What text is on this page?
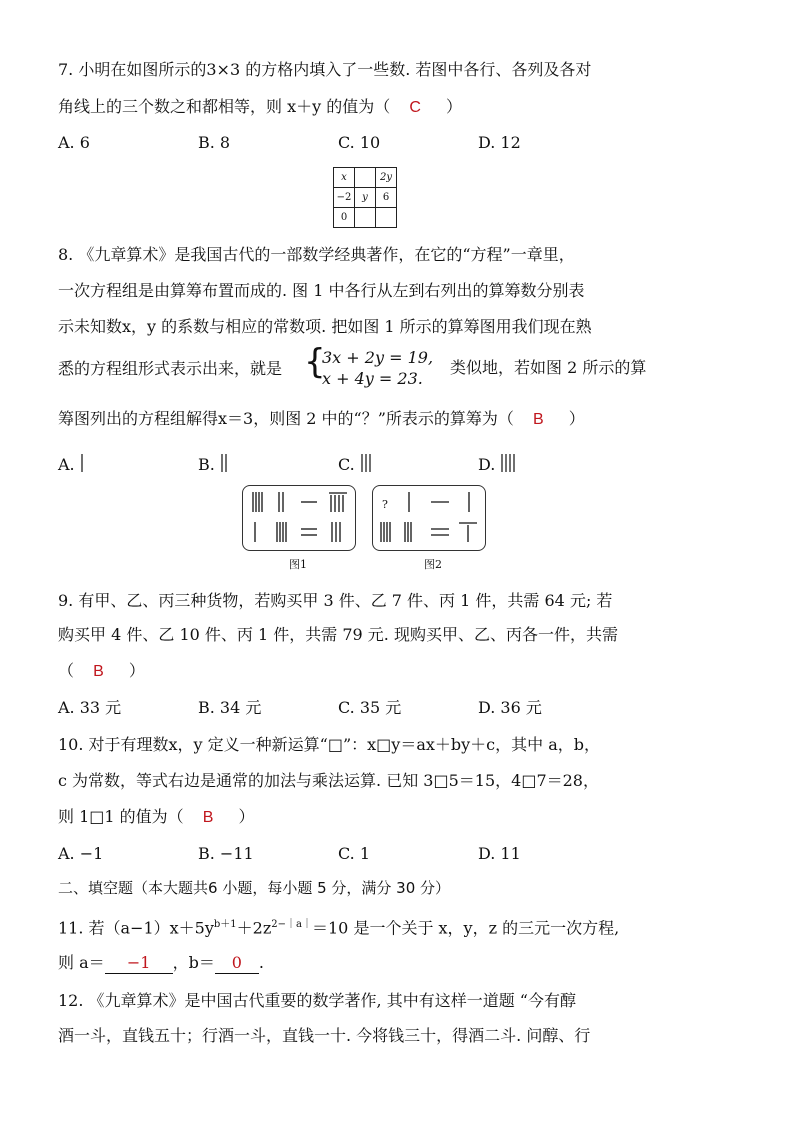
7. 小明在如图所示的3×3 的方格内填入了一些数. 若图中各行、各列及各对
角线上的三个数之和都相等，则 x＋y 的值为（ C ）
A. 6	B. 8	C. 10	D. 12
x		2y
−2	y	6
0		
8. 《九章算术》是我国古代的一部数学经典著作，在它的“方程”一章里，
一次方程组是由算筹布置而成的. 图 1 中各行从左到右列出的算筹数分别表
示未知数x，y 的系数与相应的常数项. 把如图 1 所示的算筹图用我们现在熟
悉的方程组形式表示出来，就是 {
3x + 2y = 19,
x + 4y = 23.
类似地，若如图 2 所示的算
筹图列出的方程组解得x＝3，则图 2 中的“？”所表示的算筹为（ B ）
A.	B.	C.	D.
图1
?
图2
9. 有甲、乙、丙三种货物，若购买甲 3 件、乙 7 件、丙 1 件，共需 64 元; 若
购买甲 4 件、乙 10 件、丙 1 件，共需 79 元. 现购买甲、乙、丙各一件，共需
（ B ）
A. 33 元	B. 34 元	C. 35 元	D. 36 元
10. 对于有理数x，y 定义一种新运算“□”：x□y＝ax＋by＋c，其中 a，b，
c 为常数，等式右边是通常的加法与乘法运算. 已知 3□5＝15，4□7＝28，
则 1□1 的值为（ B ）
A. −1	B. −11	C. 1	D. 11
二、填空题（本大题共6 小题，每小题 5 分，满分 30 分）
11. 若$(a-1)x+5y^{b+1}+2z^{2-|a|}=10$ 是一个关于 x，y，z 的三元一次方程,
则 a＝ −1 ，b＝ 0 .
12. 《九章算术》是中国古代重要的数学著作, 其中有这样一道题 “今有醇
酒一斗，直钱五十；行酒一斗，直钱一十. 今将钱三十，得酒二斗. 问醇、行
